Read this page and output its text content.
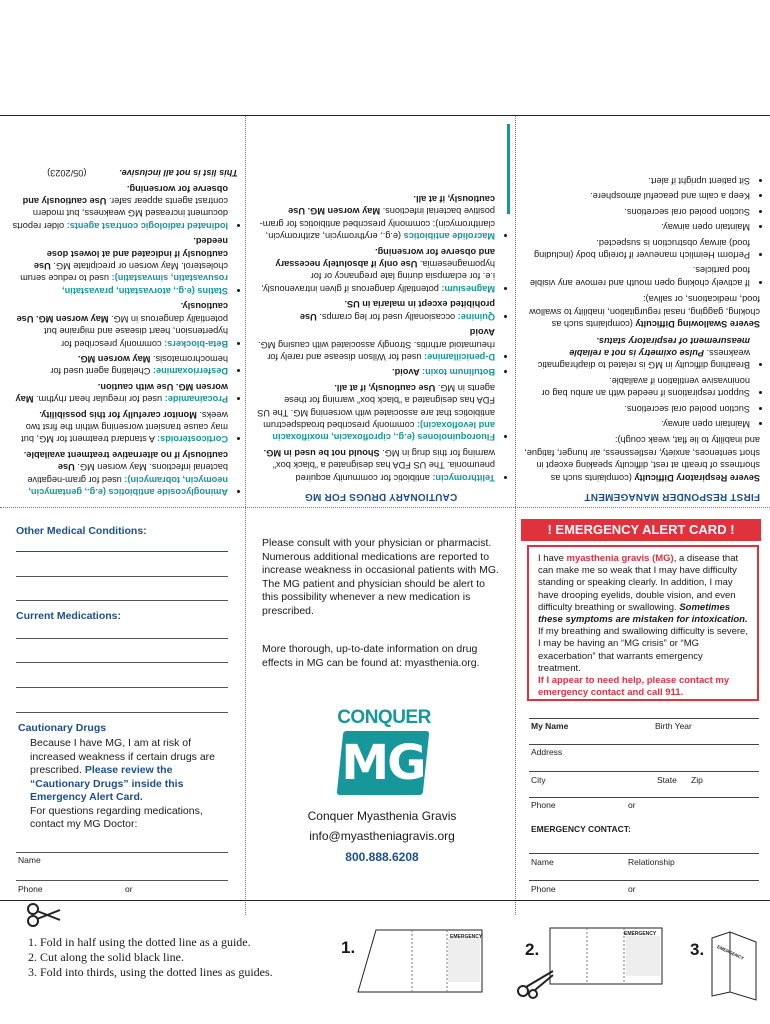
FIRST RESPONDER MANAGEMENT
Severe Respiratory Difficulty (complaints such as shortness of breath at rest, difficulty speaking except in short sentences, anxiety, restlessness, air hunger, fatigue, and inability to lie flat, weak cough):
• Maintain open airway.
• Suction pooled oral secretions.
• Support respirations if needed with an ambu bag or noninvasive ventilation if available.
• Breathing difficulty in MG is related to diaphragmatic weakness. Pulse oximetry is not a reliable measurement of respiratory status.
Severe Swallowing Difficulty (complaints such as choking, gagging, nasal regurgitation, inability to swallow food, medications, or saliva):
• If actively choking open mouth and remove any visible food particles.
• Perform Heimlich maneuver if foreign body (including food) airway obstruction is suspected.
• Maintain open airway.
• Suction pooled oral secretions.
• Keep a calm and peaceful atmosphere.
• Sit patient upright if alert.
CAUTIONARY DRUGS FOR MG
• Telithromycin: antibiotic for community acquired pneumonia. The US FDA has designated a “black box” warning for this drug in MG. Should not be used in MG.
• Fluoroquinolones (e.g., ciprofloxacin, moxifloxacin and levofloxacin): commonly prescribed broadspectrum antibiotics that are associated with worsening MG. The US FDA has designated a “black box” warning for these agents in MG. Use cautiously, if at all.
• Botulinum toxin: Avoid.
• D-penicillamine: used for Wilson disease and rarely for rheumatoid arthritis. Strongly associated with causing MG. Avoid
• Quinine: occasionally used for leg cramps. Use prohibited except in malaria in US.
• Magnesium: potentially dangerous if given intravenously, i.e. for eclampsia during late pregnancy or for hypomagnesemia. Use only if absolutely necessary and observe for worsening.
• Macrolide antibiotics (e.g., erythromycin, azithromycin, clarithromycin): commonly prescribed antibiotics for gram-positive bacterial infections. May worsen MG. Use cautiously, if at all.
• Aminoglycoside antibiotics (e.g., gentamycin, neomycin, tobramycin): used for gram-negative bacterial infections. May worsen MG. Use cautiously if no alternative treatment available.
• Corticosteroids: A standard treatment for MG, but may cause transient worsening within the first two weeks. Monitor carefully for this possibility.
• Procainamide: used for irregular heart rhythm. May worsen MG. Use with caution.
• Desferrioxamine: Chelating agent used for hemochromatosis. May worsen MG.
• Beta-blockers: commonly prescribed for hypertension, heart disease and migraine but potentially dangerous in MG. May worsen MG. Use cautiously.
• Statins (e.g., atorvastatin, pravastatin, rosuvastatin, simvastatin): used to reduce serum cholesterol. May worsen or precipitate MG. Use cautiously if indicated and at lowest dose needed.
• Iodinated radiologic contrast agents: older reports document increased MG weakness, but modern contrast agents appear safer. Use cautiously and observe for worsening.
This list is not all inclusive. (05/2023)
Other Medical Conditions:
Current Medications:
Cautionary Drugs
Because I have MG, I am at risk of increased weakness if certain drugs are prescribed. Please review the “Cautionary Drugs” inside this Emergency Alert Card.
For questions regarding medications, contact my MG Doctor:
Name
Phone	or
Please consult with your physician or pharmacist. Numerous additional medications are reported to increase weakness in occasional patients with MG. The MG patient and physician should be alert to this possibility whenever a new medication is prescribed.
More thorough, up-to-date information on drug effects in MG can be found at: myasthenia.org.
CONQUER
MG
Conquer Myasthenia Gravis
info@myastheniagravis.org
800.888.6208
! EMERGENCY ALERT CARD !
I have myasthenia gravis (MG), a disease that can make me so weak that I may have difficulty standing or speaking clearly. In addition, I may have drooping eyelids, double vision, and even difficulty breathing or swallowing. Sometimes these symptoms are mistaken for intoxication. If my breathing and swallowing difficulty is severe, I may be having an “MG crisis” or “MG exacerbation” that warrants emergency treatment.
If I appear to need help, please contact my emergency contact and call 911.
My Name	Birth Year
Address
City	State Zip
Phone	or
EMERGENCY CONTACT:
Name	Relationship
Phone	or
1. Fold in half using the dotted line as a guide.
2. Cut along the solid black line.
3. Fold into thirds, using the dotted lines as guides.
1.
EMERGENCY
2.
EMERGENCY
3.	EMERGENCY
